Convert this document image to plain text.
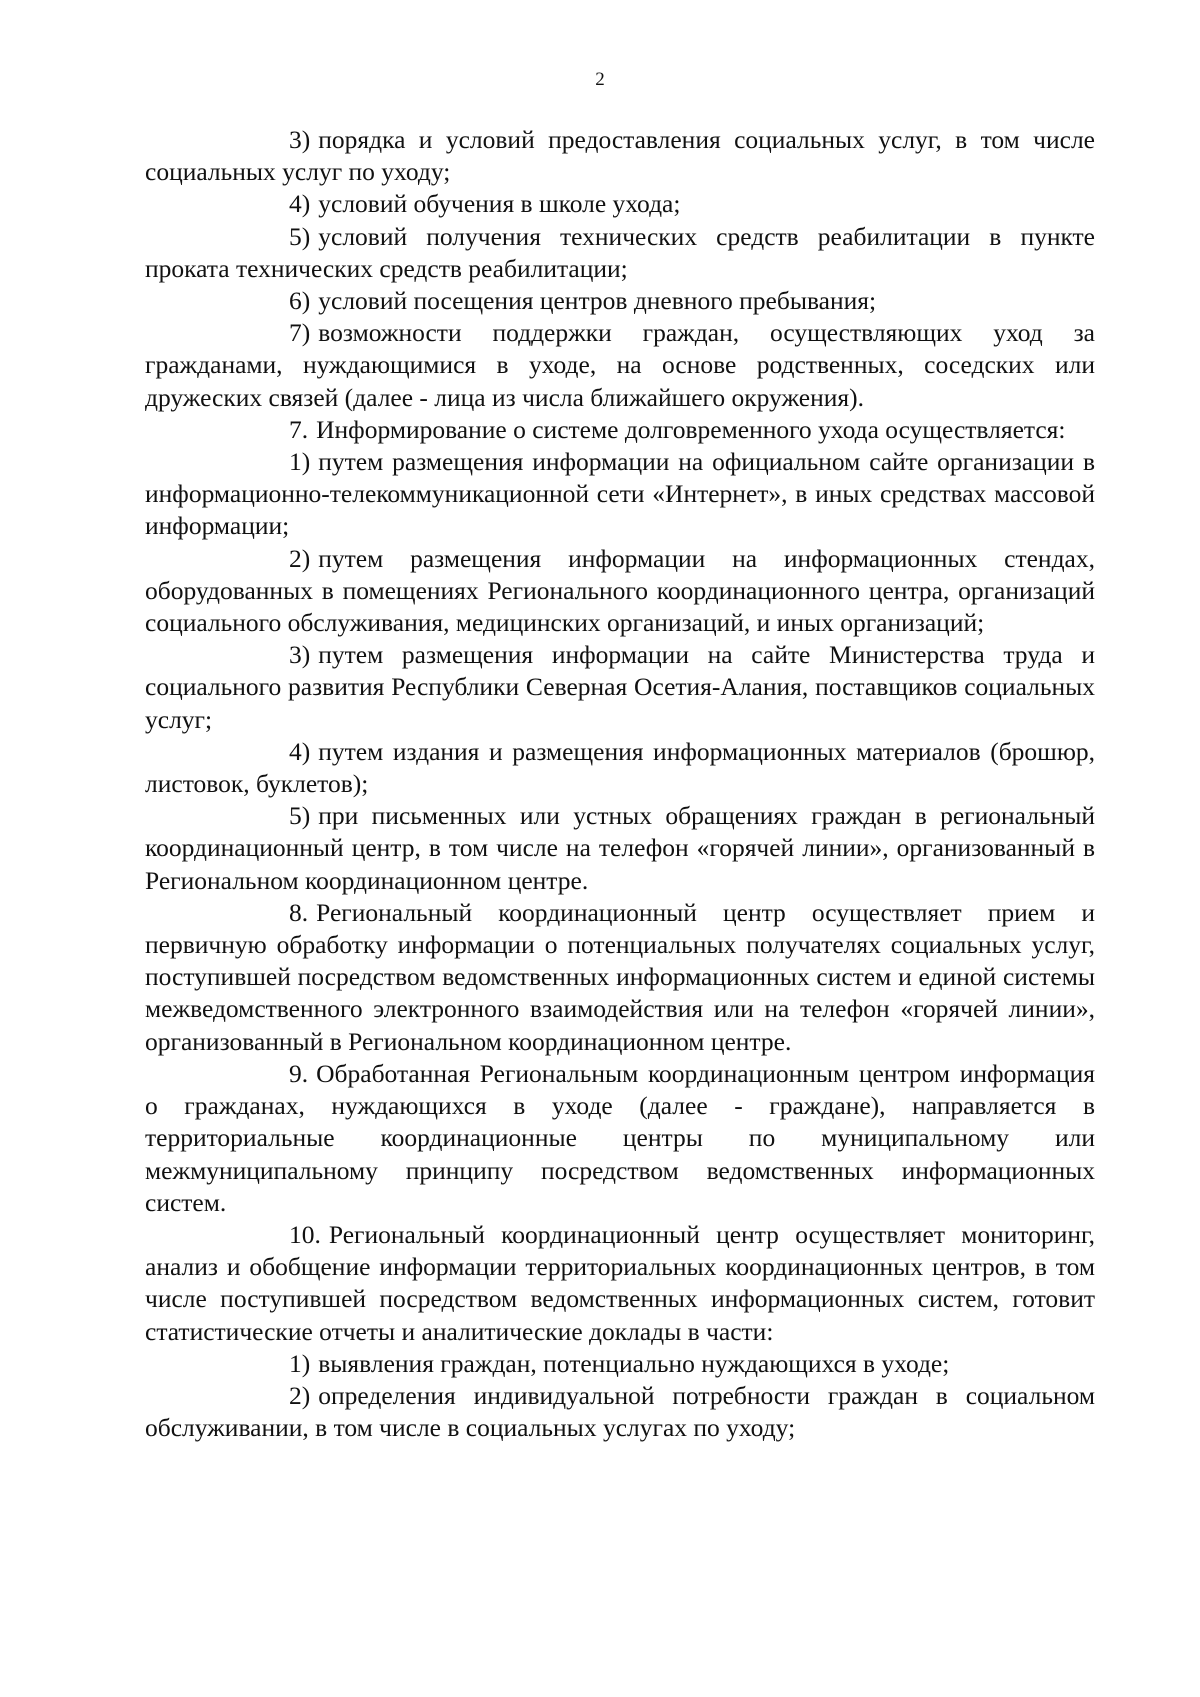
2

3) порядка и условий предоставления социальных услуг, в том числе социальных услуг по уходу;

4) условий обучения в школе ухода;

5) условий получения технических средств реабилитации в пункте проката технических средств реабилитации;

6) условий посещения центров дневного пребывания;

7) возможности поддержки граждан, осуществляющих уход за гражданами, нуждающимися в уходе, на основе родственных, соседских или дружеских связей (далее - лица из числа ближайшего окружения).

7. Информирование о системе долговременного ухода осуществляется:

1) путем размещения информации на официальном сайте организации в информационно-телекоммуникационной сети «Интернет», в иных средствах массовой информации;

2) путем размещения информации на информационных стендах, оборудованных в помещениях Регионального координационного центра, организаций социального обслуживания, медицинских организаций, и иных организаций;

3) путем размещения информации на сайте Министерства труда и социального развития Республики Северная Осетия-Алания, поставщиков социальных услуг;

4) путем издания и размещения информационных материалов (брошюр, листовок, буклетов);

5) при письменных или устных обращениях граждан в региональный координационный центр, в том числе на телефон «горячей линии», организованный в Региональном координационном центре.

8. Региональный координационный центр осуществляет прием и первичную обработку информации о потенциальных получателях социальных услуг, поступившей посредством ведомственных информационных систем и единой системы межведомственного электронного взаимодействия или на телефон «горячей линии», организованный в Региональном координационном центре.

9. Обработанная Региональным координационным центром информация о гражданах, нуждающихся в уходе (далее - граждане), направляется в территориальные координационные центры по муниципальному или межмуниципальному принципу посредством ведомственных информационных систем.

10. Региональный координационный центр осуществляет мониторинг, анализ и обобщение информации территориальных координационных центров, в том числе поступившей посредством ведомственных информационных систем, готовит статистические отчеты и аналитические доклады в части:

1) выявления граждан, потенциально нуждающихся в уходе;

2) определения индивидуальной потребности граждан в социальном обслуживании, в том числе в социальных услугах по уходу;
